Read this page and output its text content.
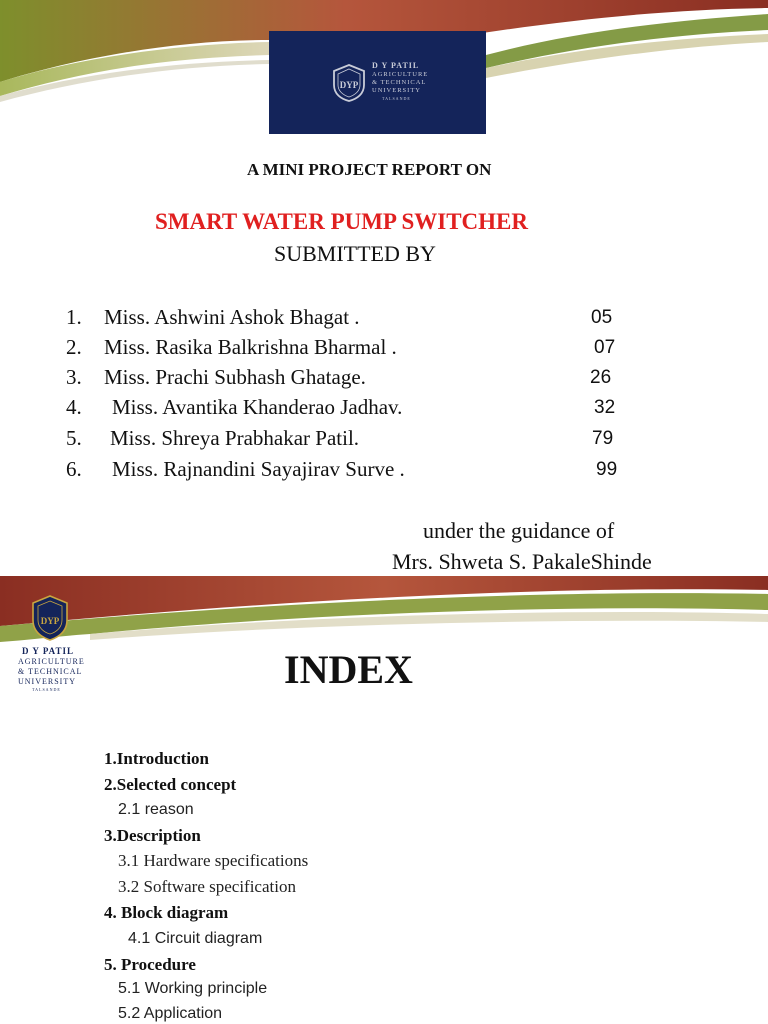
DYP
D Y PATIL
AGRICULTURE
& TECHNICAL
UNIVERSITY
TALSANDE
A MINI PROJECT REPORT ON
SMART WATER PUMP SWITCHER
SUBMITTED BY
1. Miss. Ashwini Ashok Bhagat .	05
2. Miss. Rasika Balkrishna Bharmal .	07
3. Miss. Prachi Subhash Ghatage.	26
4. Miss. Avantika Khanderao Jadhav.	32
5. Miss. Shreya Prabhakar Patil.	79
6. Miss. Rajnandini Sayajirav Surve .	99
under the guidance of
Mrs. Shweta S. PakaleShinde
DYP
D Y PATIL
AGRICULTURE
& TECHNICAL
UNIVERSITY
TALSANDE	INDEX
1.Introduction
2.Selected concept
2.1 reason
3.Description
3.1 Hardware specifications
3.2 Software specification
4. Block diagram
4.1 Circuit diagram
5. Procedure
5.1 Working principle
5.2 Application
